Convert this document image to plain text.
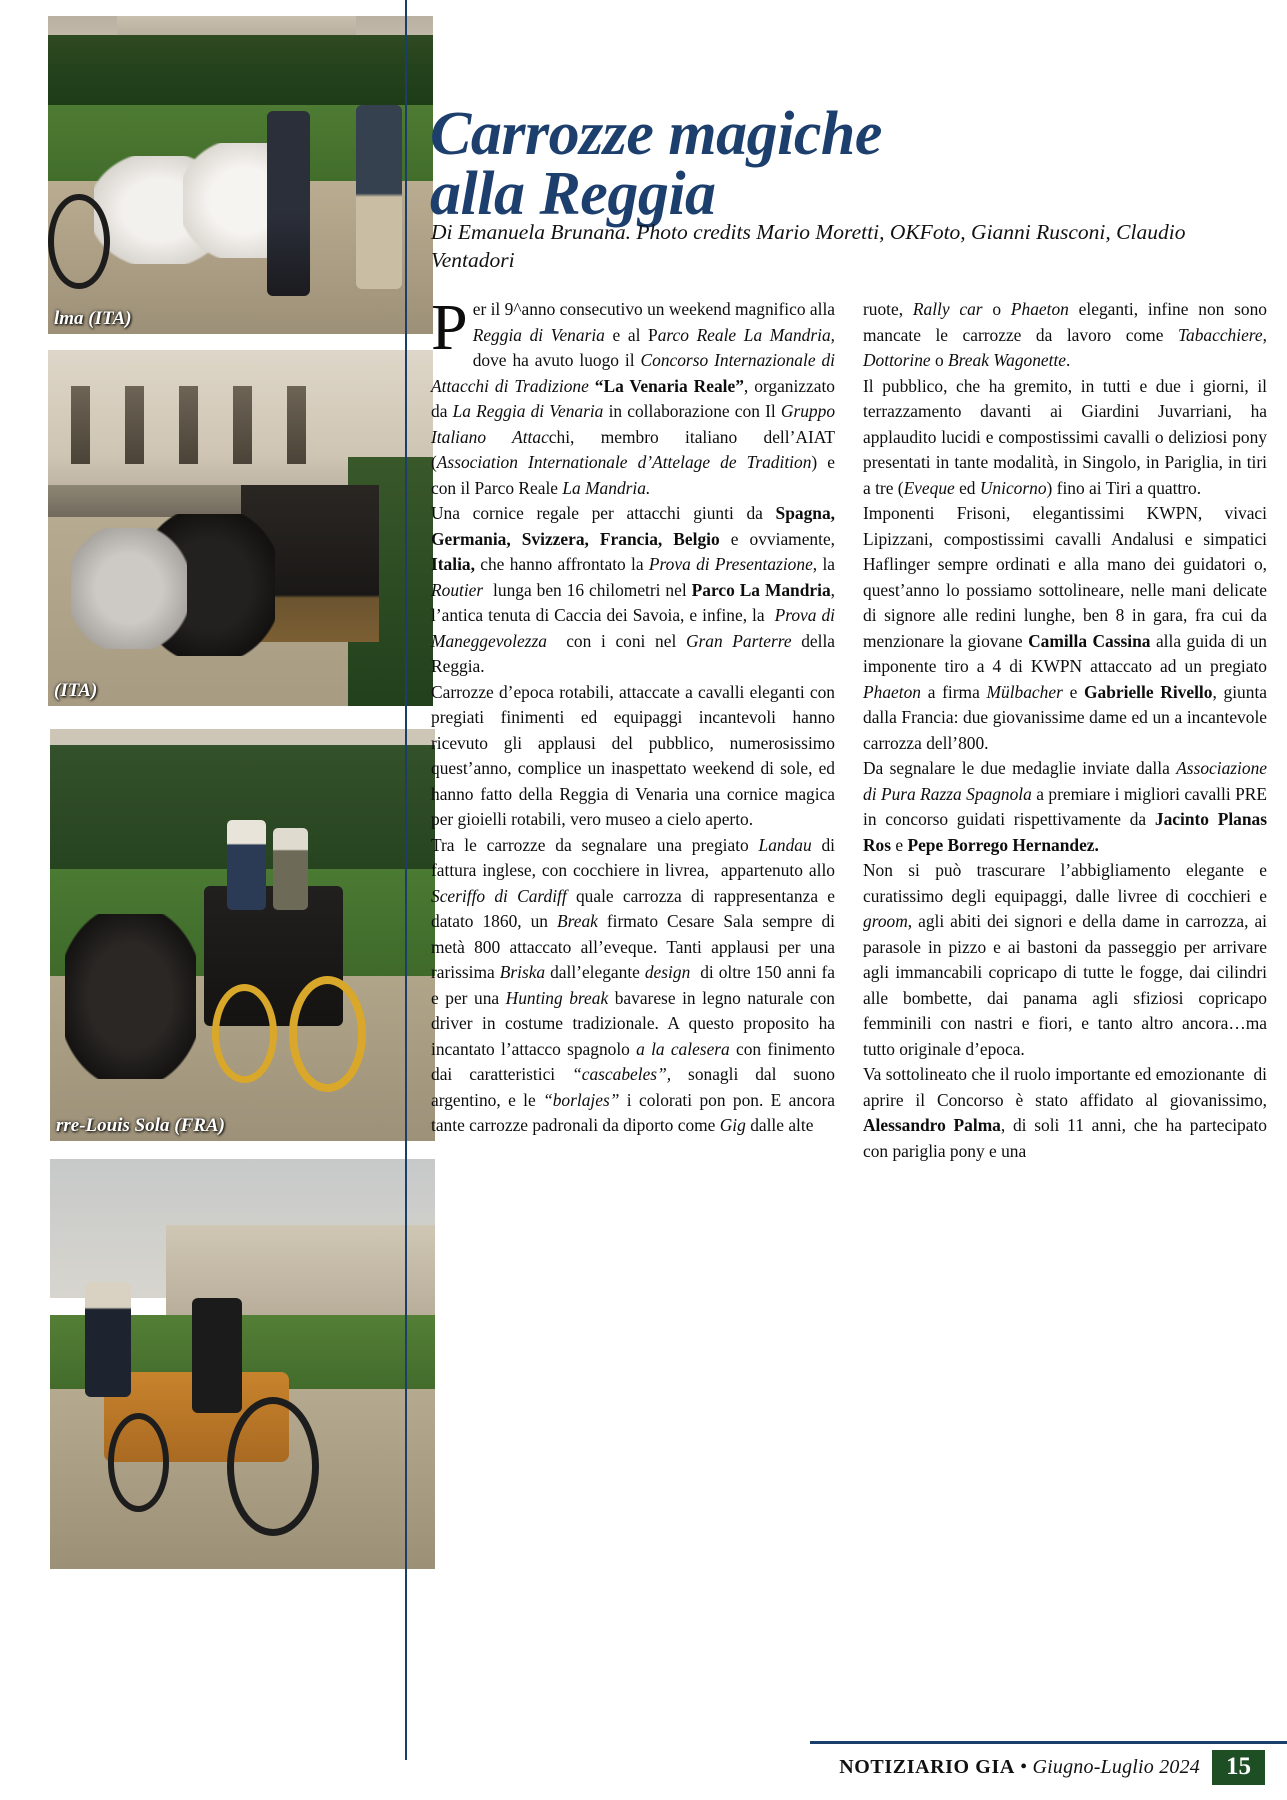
lma (ITA)
(ITA)
rre-Louis Sola (FRA)
Carrozze magiche
alla Reggia
Di Emanuela Brunana. Photo credits Mario Moretti, OKFoto, Gianni Rusconi, Claudio Ventadori

Per il 9^anno consecutivo un weekend magnifico alla Reggia di Venaria e al Parco Reale La Mandria, dove ha avuto luogo il Concorso Internazionale di Attacchi di Tradizione “La Venaria Reale”, organizzato da La Reggia di Venaria in collaborazione con Il Gruppo Italiano Attacchi, membro italiano dell’AIAT (Association Internationale d’Attelage de Tradition) e con il Parco Reale La Mandria.

Una cornice regale per attacchi giunti da Spagna, Germania, Svizzera, Francia, Belgio e ovviamente, Italia, che hanno affrontato la Prova di Presentazione, la Routier  lunga ben 16 chilometri nel Parco La Mandria, l’antica tenuta di Caccia dei Savoia, e infine, la  Prova di Maneggevolezza  con i coni nel Gran Parterre della Reggia.

Carrozze d’epoca rotabili, attaccate a cavalli eleganti con pregiati finimenti ed equipaggi incantevoli hanno ricevuto gli applausi del pubblico, numerosissimo quest’anno, complice un inaspettato weekend di sole, ed hanno fatto della Reggia di Venaria una cornice magica per gioielli rotabili, vero museo a cielo aperto.

Tra le carrozze da segnalare una pregiato Landau di fattura inglese, con cocchiere in livrea,  appartenuto allo Sceriffo di Cardiff quale carrozza di rappresentanza e datato 1860, un Break firmato Cesare Sala sempre di metà 800 attaccato all’eveque. Tanti applausi per una rarissima Briska dall’elegante design  di oltre 150 anni fa e per una Hunting break bavarese in legno naturale con driver in costume tradizionale. A questo proposito ha incantato l’attacco spagnolo a la calesera con finimento dai caratteristici “cascabeles”, sonagli dal suono argentino, e le “borlajes” i colorati pon pon. E ancora tante carrozze padronali da diporto come Gig dalle alte

ruote, Rally car o Phaeton eleganti, infine non sono mancate le carrozze da lavoro come Tabacchiere, Dottorine o Break Wagonette.

Il pubblico, che ha gremito, in tutti e due i giorni, il terrazzamento davanti ai Giardini Juvarriani, ha applaudito lucidi e compostissimi cavalli o deliziosi pony presentati in tante modalità, in Singolo, in Pariglia, in tiri a tre (Eveque ed Unicorno) fino ai Tiri a quattro.

Imponenti Frisoni, elegantissimi KWPN, vivaci Lipizzani, compostissimi cavalli Andalusi e simpatici Haflinger sempre ordinati e alla mano dei guidatori o, quest’anno lo possiamo sottolineare, nelle mani delicate di signore alle redini lunghe, ben 8 in gara, fra cui da menzionare la giovane Camilla Cassina alla guida di un imponente tiro a 4 di KWPN attaccato ad un pregiato Phaeton a firma Mülbacher e Gabrielle Rivello, giunta dalla Francia: due giovanissime dame ed un a incantevole carrozza dell’800.

Da segnalare le due medaglie inviate dalla Associazione di Pura Razza Spagnola a premiare i migliori cavalli PRE in concorso guidati rispettivamente da Jacinto Planas Ros e Pepe Borrego Hernandez.

Non si può trascurare l’abbigliamento elegante e curatissimo degli equipaggi, dalle livree di cocchieri e groom, agli abiti dei signori e della dame in carrozza, ai parasole in pizzo e ai bastoni da passeggio per arrivare agli immancabili copricapo di tutte le fogge, dai cilindri alle bombette, dai panama agli sfiziosi copricapo femminili con nastri e fiori, e tanto altro ancora…ma tutto originale d’epoca.

Va sottolineato che il ruolo importante ed emozionante  di aprire il Concorso è stato affidato al giovanissimo, Alessandro Palma, di soli 11 anni, che ha partecipato con pariglia pony e una

NOTIZIARIO GIA • Giugno-Luglio 2024	15
